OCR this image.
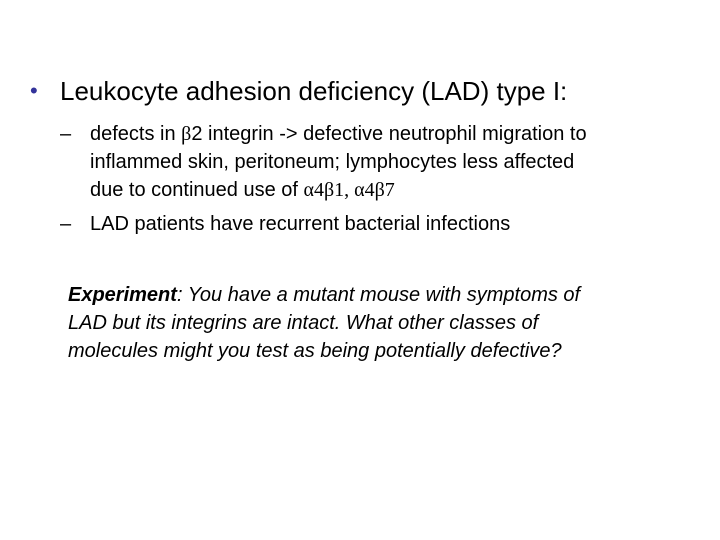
• Leukocyte adhesion deficiency (LAD) type I:
– defects in β2 integrin -> defective neutrophil migration to
inflammed skin, peritoneum; lymphocytes less affected
due to continued use of α4β1, α4β7
– LAD patients have recurrent bacterial infections
Experiment: You have a mutant mouse with symptoms of
LAD but its integrins are intact. What other classes of
molecules might you test as being potentially defective?
